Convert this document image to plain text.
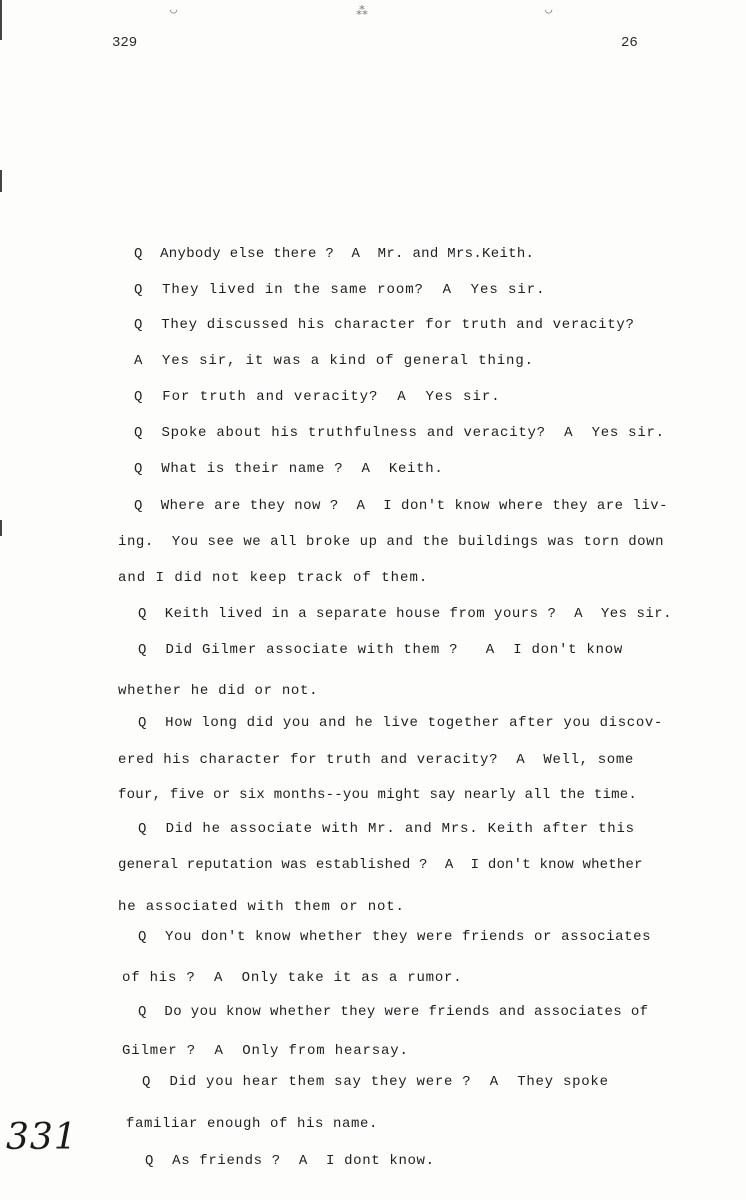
◡	⁂	◡
329	26
Q  Anybody else there ?  A  Mr. and Mrs.Keith.
Q  They lived in the same room?  A  Yes sir.
Q  They discussed his character for truth and veracity?
A  Yes sir, it was a kind of general thing.
Q  For truth and veracity?  A  Yes sir.
Q  Spoke about his truthfulness and veracity?  A  Yes sir.
Q  What is their name ?  A  Keith.
Q  Where are they now ?  A  I don't know where they are liv-
ing.  You see we all broke up and the buildings was torn down
and I did not keep track of them.
Q  Keith lived in a separate house from yours ?  A  Yes sir.
Q  Did Gilmer associate with them ?   A  I don't know
whether he did or not.
Q  How long did you and he live together after you discov-
ered his character for truth and veracity?  A  Well, some
four, five or six months--you might say nearly all the time.
Q  Did he associate with Mr. and Mrs. Keith after this
general reputation was established ?  A  I don't know whether
he associated with them or not.
Q  You don't know whether they were friends or associates
of his ?  A  Only take it as a rumor.
Q  Do you know whether they were friends and associates of
Gilmer ?  A  Only from hearsay.
Q  Did you hear them say they were ?  A  They spoke
familiar enough of his name.
Q  As friends ?  A  I dont know.
331
